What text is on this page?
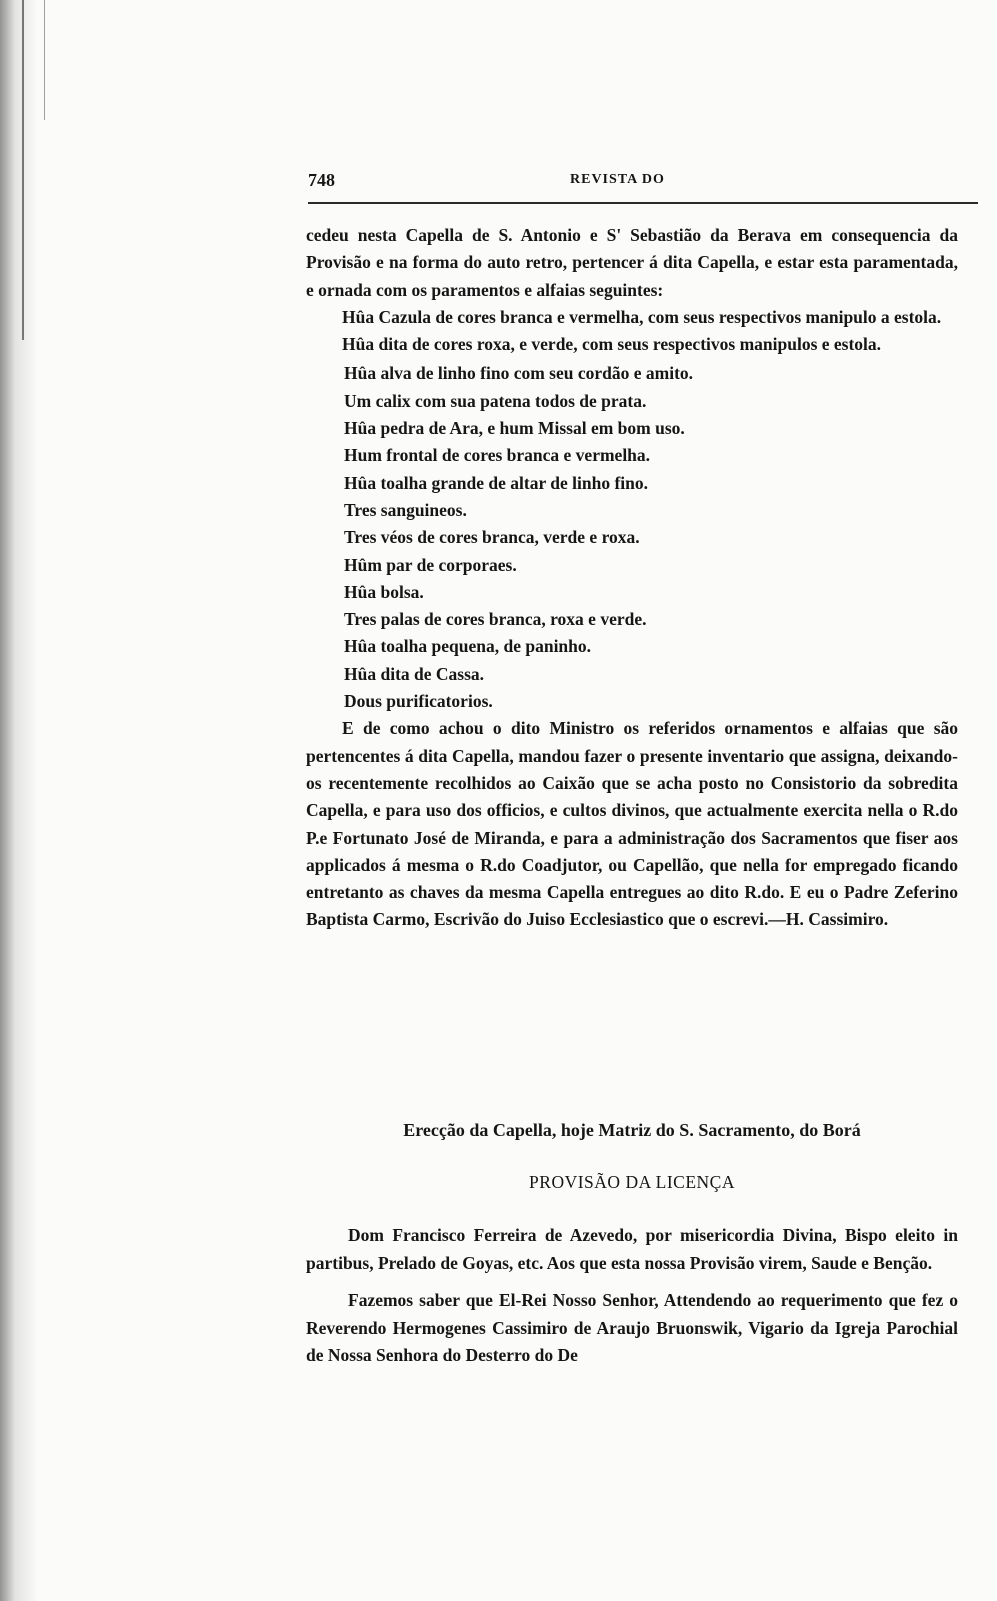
748	REVISTA DO

cedeu nesta Capella de S. Antonio e S' Sebastião da Berava em consequencia da Provisão e na forma do auto retro, pertencer á dita Capella, e estar esta paramentada, e ornada com os paramentos e alfaias seguintes:

Hûa Cazula de cores branca e vermelha, com seus respectivos manipulo a estola.

Hûa dita de cores roxa, e verde, com seus respectivos manipulos e estola.

Hûa alva de linho fino com seu cordão e amito.
Um calix com sua patena todos de prata.
Hûa pedra de Ara, e hum Missal em bom uso.
Hum frontal de cores branca e vermelha.
Hûa toalha grande de altar de linho fino.
Tres sanguineos.
Tres véos de cores branca, verde e roxa.
Hûm par de corporaes.
Hûa bolsa.
Tres palas de cores branca, roxa e verde.
Hûa toalha pequena, de paninho.
Hûa dita de Cassa.
Dous purificatorios.

E de como achou o dito Ministro os referidos ornamentos e alfaias que são pertencentes á dita Capella, mandou fazer o presente inventario que assigna, deixando-os recentemente recolhidos ao Caixão que se acha posto no Consistorio da sobredita Capella, e para uso dos officios, e cultos divinos, que actualmente exercita nella o R.do P.e Fortunato José de Miranda, e para a administração dos Sacramentos que fiser aos applicados á mesma o R.do Coadjutor, ou Capellão, que nella for empregado ficando entretanto as chaves da mesma Capella entregues ao dito R.do. E eu o Padre Zeferino Baptista Carmo, Escrivão do Juiso Ecclesiastico que o escrevi.—H. Cassimiro.

Erecção da Capella, hoje Matriz do S. Sacramento, do Borá
PROVISÃO DA LICENÇA

Dom Francisco Ferreira de Azevedo, por misericordia Divina, Bispo eleito in partibus, Prelado de Goyas, etc. Aos que esta nossa Provisão virem, Saude e Benção.

Fazemos saber que El-Rei Nosso Senhor, Attendendo ao requerimento que fez o Reverendo Hermogenes Cassimiro de Araujo Bruonswik, Vigario da Igreja Parochial de Nossa Senhora do Desterro do De
